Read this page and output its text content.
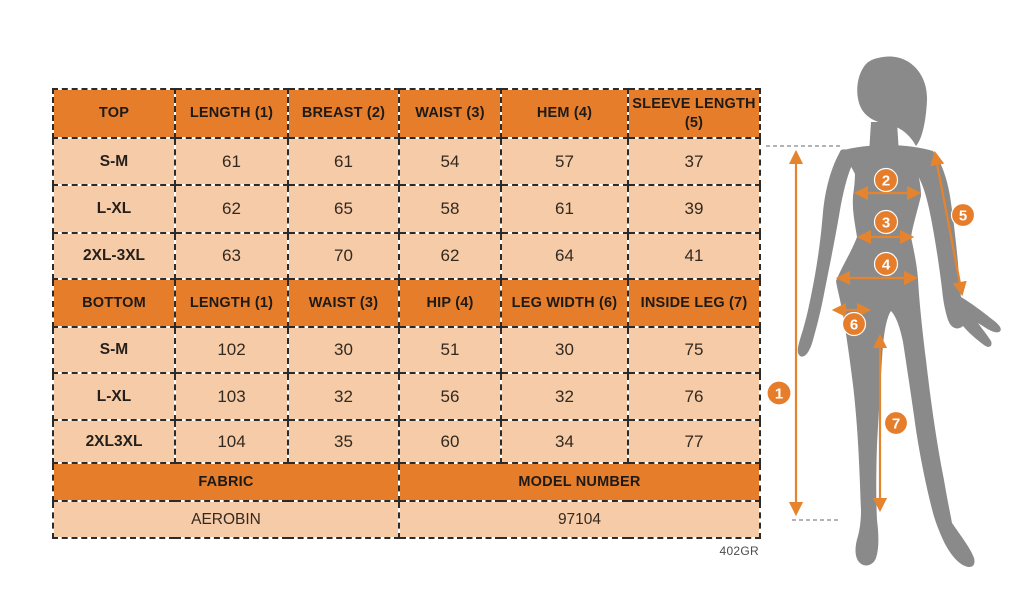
TOP	LENGTH (1)	BREAST (2)	WAIST (3)	HEM (4)	SLEEVE LENGTH (5)
S-M	61	61	54	57	37
L-XL	62	65	58	61	39
2XL-3XL	63	70	62	64	41
BOTTOM	LENGTH (1)	WAIST (3)	HIP (4)	LEG WIDTH (6)	INSIDE LEG (7)
S-M	102	30	51	30	75
L-XL	103	32	56	32	76
2XL3XL	104	35	60	34	77
FABRIC			MODEL NUMBER		
AEROBIN			97104		
402GR
1
2
3
4
5
6
7
